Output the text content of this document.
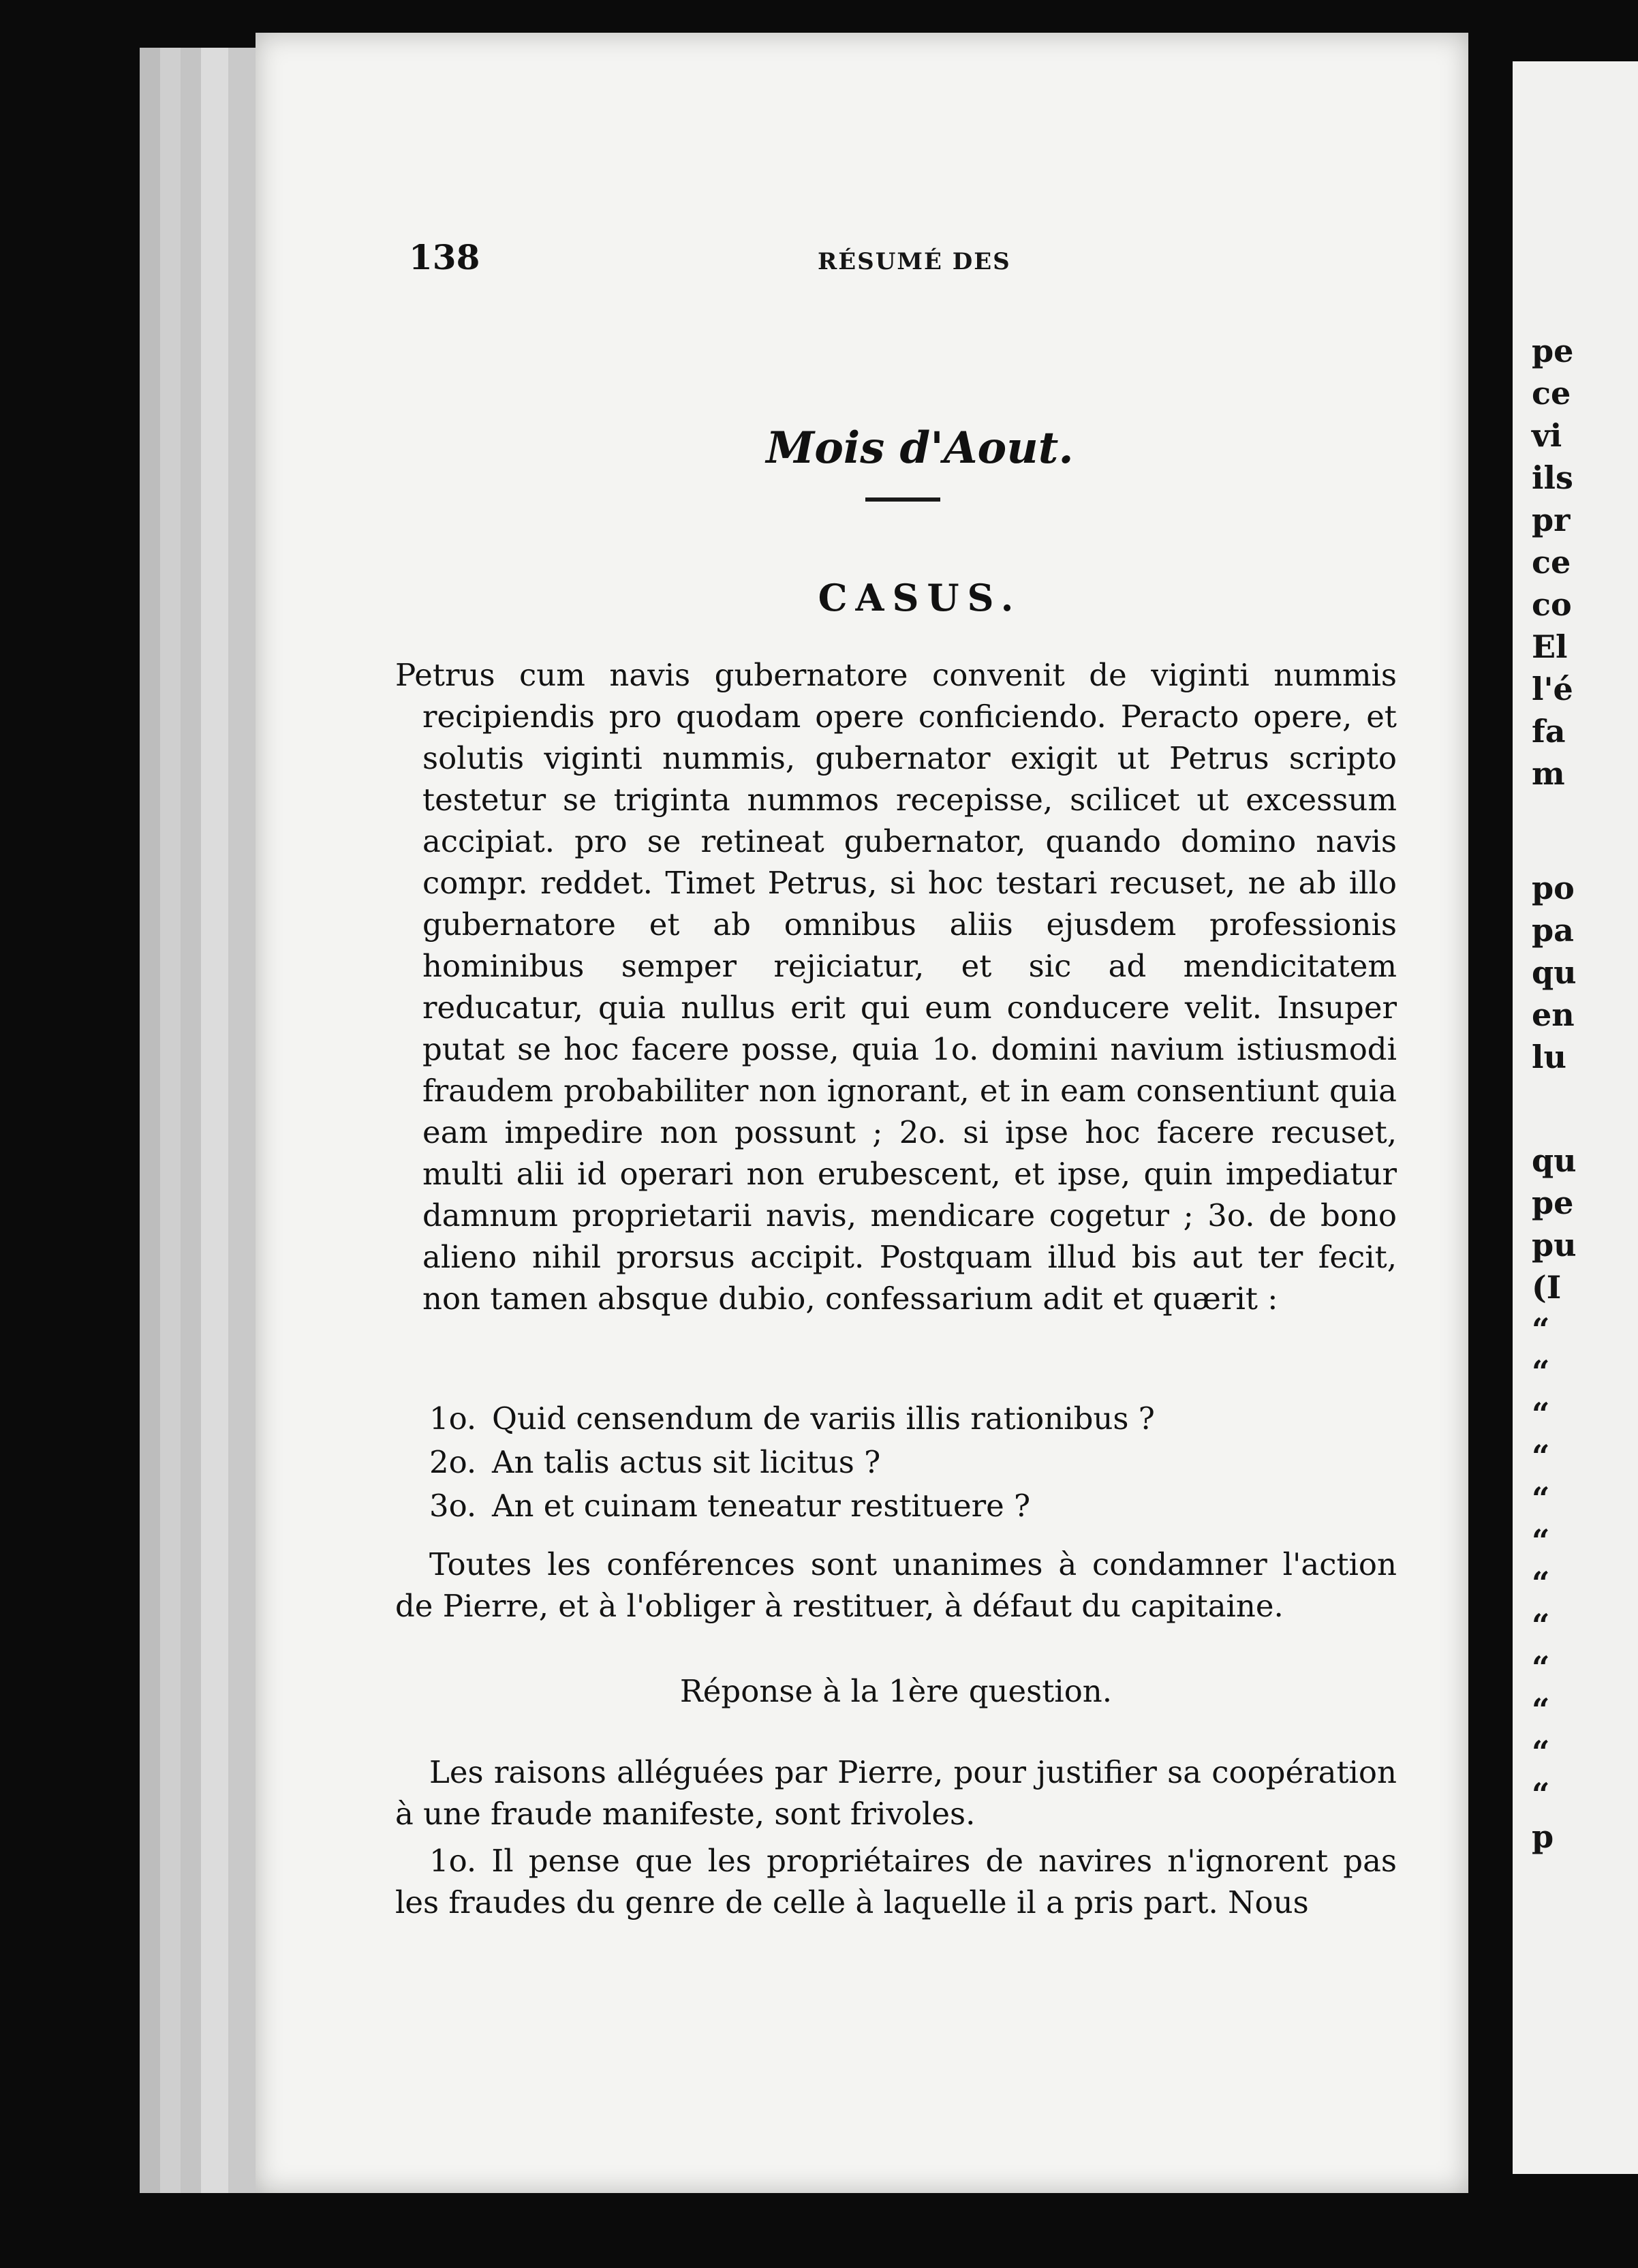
138	RÉSUMÉ DES
Mois d'Aout.
CASUS.
Petrus cum navis gubernatore convenit de viginti nummis recipiendis pro quodam opere conficiendo. Peracto opere, et solutis viginti nummis, gubernator exigit ut Petrus scripto testetur se triginta nummos recepisse, scilicet ut excessum accipiat. pro se retineat gubernator, quando domino navis compr. reddet. Timet Petrus, si hoc testari recuset, ne ab illo gubernatore et ab omnibus aliis ejusdem professionis hominibus semper rejiciatur, et sic ad mendicitatem reducatur, quia nullus erit qui eum conducere velit. Insuper putat se hoc facere posse, quia 1o. domini navium istiusmodi fraudem probabiliter non ignorant, et in eam consentiunt quia eam impedire non possunt ; 2o. si ipse hoc facere recuset, multi alii id operari non erubescent, et ipse, quin impediatur damnum proprietarii navis, mendicare cogetur ; 3o. de bono alieno nihil prorsus accipit. Postquam illud bis aut ter fecit, non tamen absque dubio, confessarium adit et quærit :
1o. Quid censendum de variis illis rationibus ?
2o. An talis actus sit licitus ?
3o. An et cuinam teneatur restituere ?
Toutes les conférences sont unanimes à condamner l'action de Pierre, et à l'obliger à restituer, à défaut du capitaine.
Réponse à la 1ère question.
Les raisons alléguées par Pierre, pour justifier sa coopération à une fraude manifeste, sont frivoles.
1o. Il pense que les propriétaires de navires n'ignorent pas les fraudes du genre de celle à laquelle il a pris part. Nous
pe
ce
vi
ils
pr
ce
co
El
l'é
fa
m
po
pa
qu
en
lu
qu
pe
pu
(I
“
“
“
“
“
“
“
“
“
“
“
“
p
